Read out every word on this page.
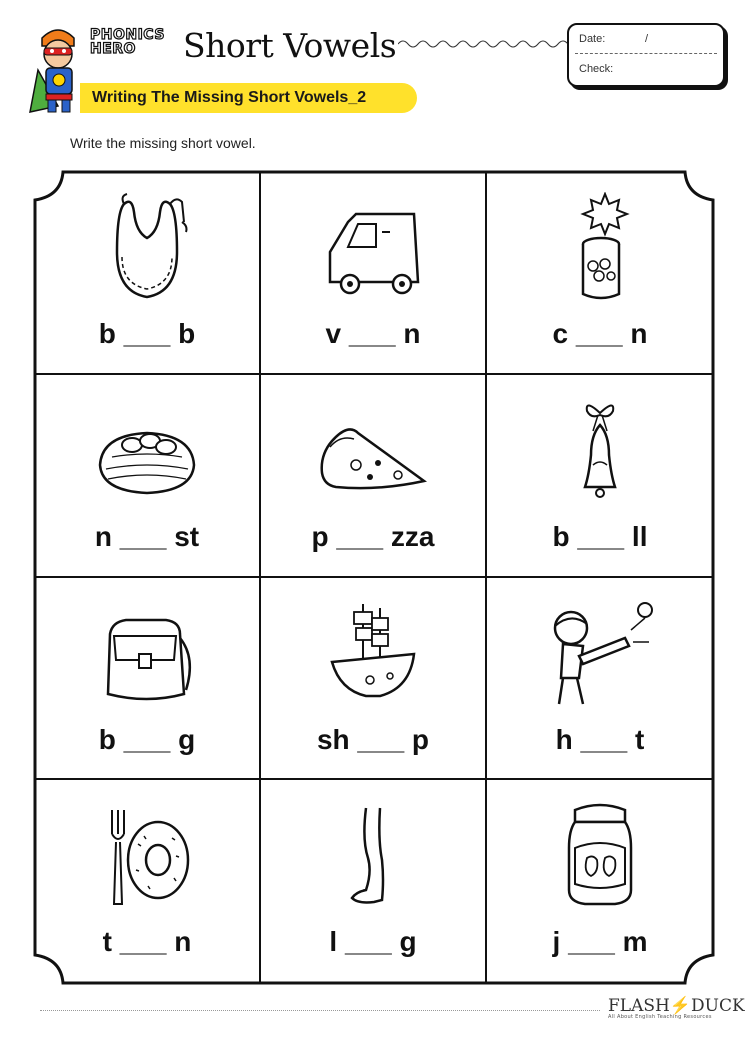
PHONICS
HERO	Short Vowels	Date:	/
Check:
Writing The Missing Short Vowels_2
Write the missing short vowel.
b ___ b	v ___ n	c ___ n
n ___ st	p ___ zza	b ___ ll
b ___ g	sh ___ p	h ___ t
t ___ n	l ___ g	j ___ m
FLASH⚡DUCK
All About English Teaching Resources
